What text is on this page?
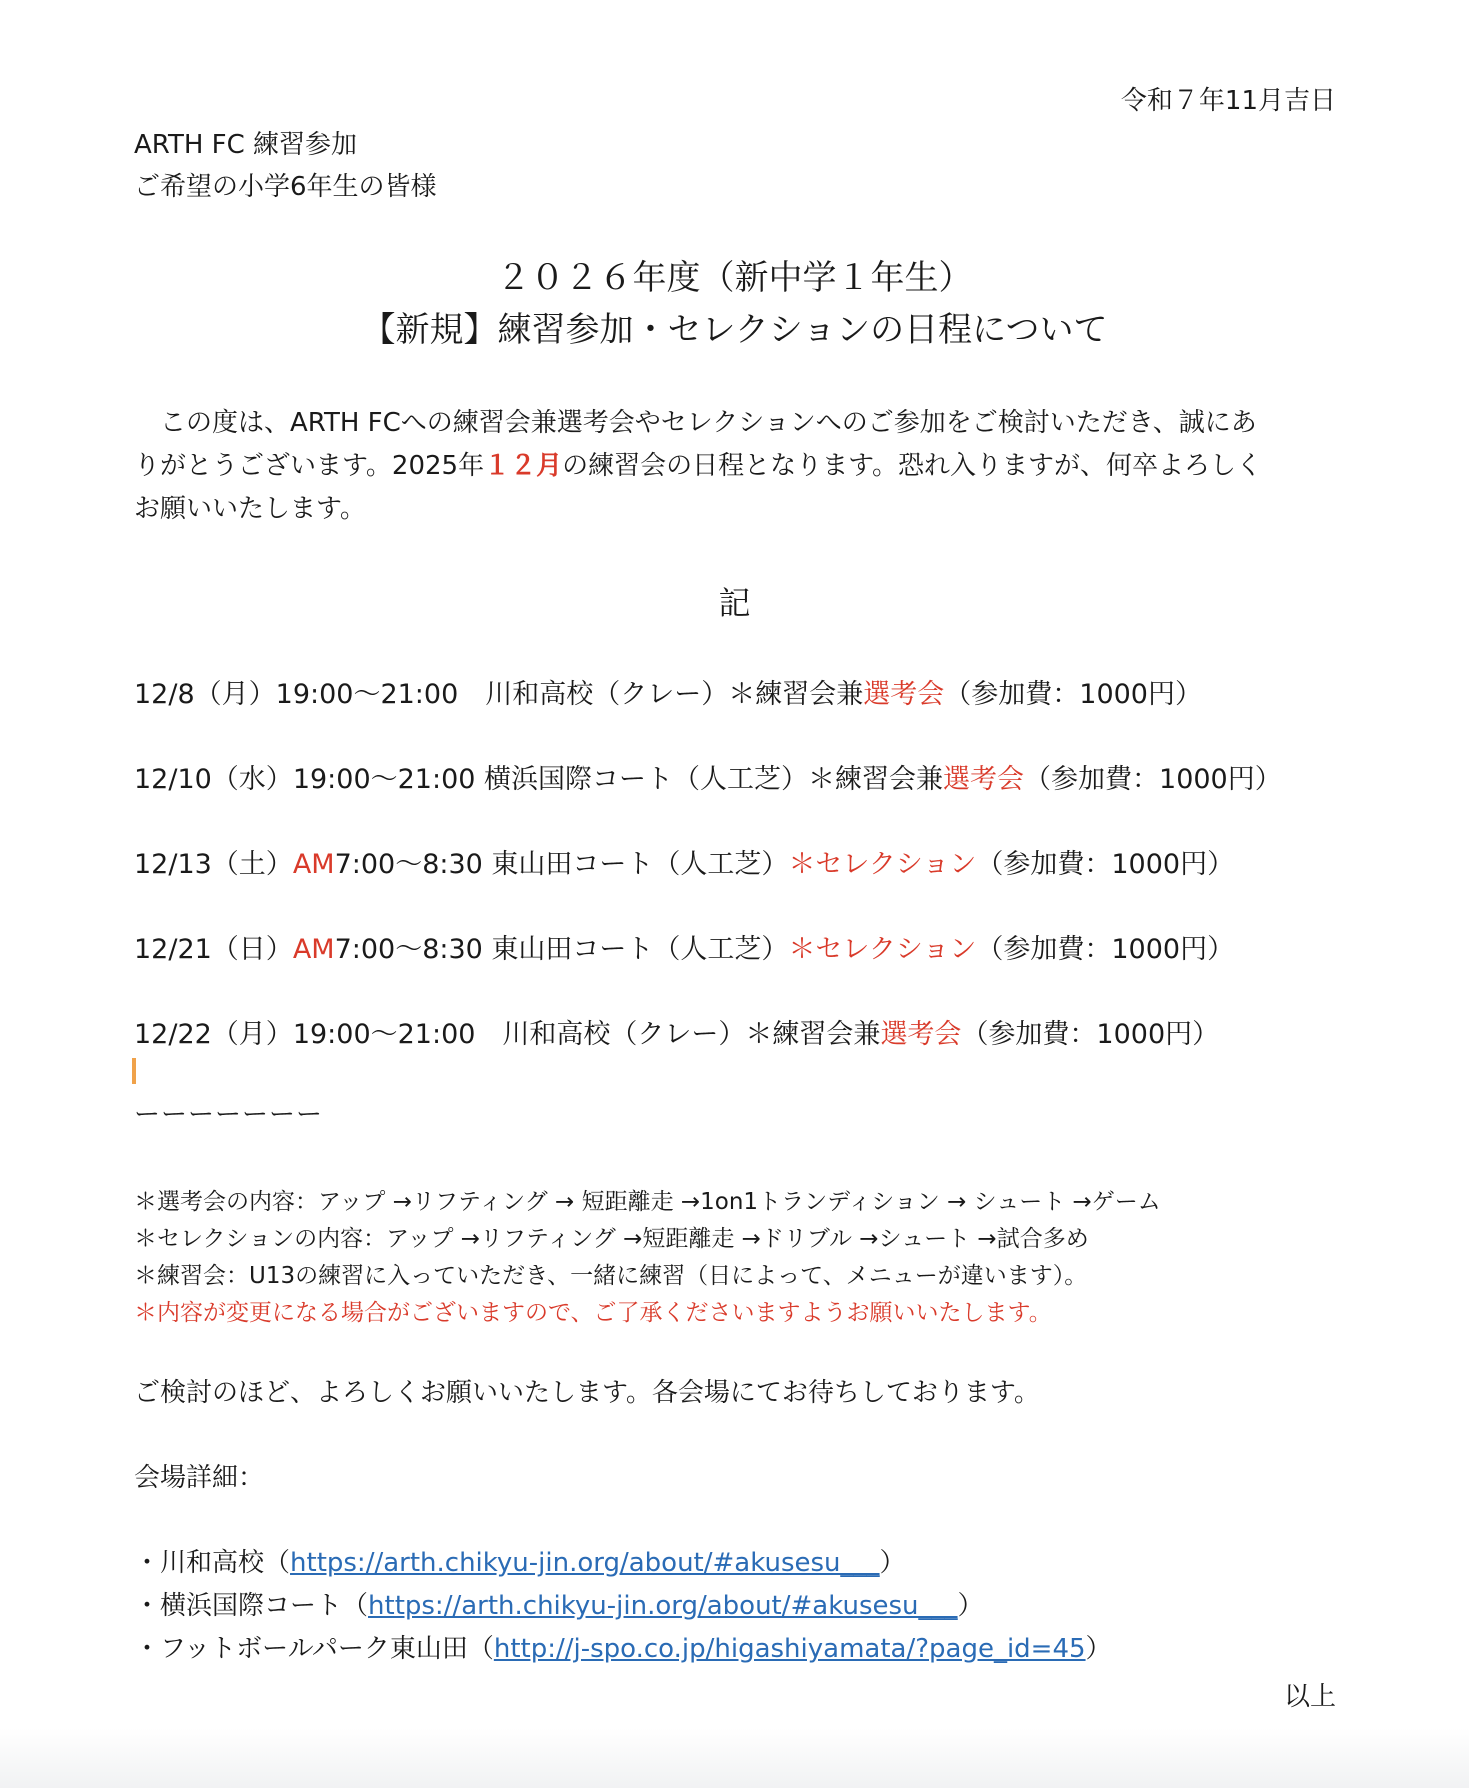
令和７年11月吉日
ARTH FC 練習参加
ご希望の小学6年生の皆様
２０２６年度（新中学１年生）
【新規】練習参加・セレクションの日程について
　この度は、ARTH FCへの練習会兼選考会やセレクションへのご参加をご検討いただき、誠にあ
りがとうございます。2025年１２月の練習会の日程となります。恐れ入りますが、何卒よろしく
お願いいたします。
記
12/8（月）19:00〜21:00　川和高校（クレー）＊練習会兼選考会（参加費：1000円）
12/10（水）19:00〜21:00 横浜国際コート（人工芝）＊練習会兼選考会（参加費：1000円）
12/13（土）AM7:00〜8:30 東山田コート（人工芝）＊セレクション（参加費：1000円）
12/21（日）AM7:00〜8:30 東山田コート（人工芝）＊セレクション（参加費：1000円）
12/22（月）19:00〜21:00　川和高校（クレー）＊練習会兼選考会（参加費：1000円）
ーーーーーーー
＊選考会の内容：アップ →リフティング → 短距離走 →1on1トランディション → シュート →ゲーム
＊セレクションの内容：アップ →リフティング →短距離走 →ドリブル →シュート →試合多め
＊練習会：U13の練習に入っていただき、一緒に練習（日によって、メニューが違います）。
＊内容が変更になる場合がございますので、ご了承くださいますようお願いいたします。
ご検討のほど、よろしくお願いいたします。各会場にてお待ちしております。
会場詳細：
・川和高校（https://arth.chikyu-jin.org/about/#akusesu___）
・横浜国際コート（https://arth.chikyu-jin.org/about/#akusesu___）
・フットボールパーク東山田（http://j-spo.co.jp/higashiyamata/?page_id=45）
以上
